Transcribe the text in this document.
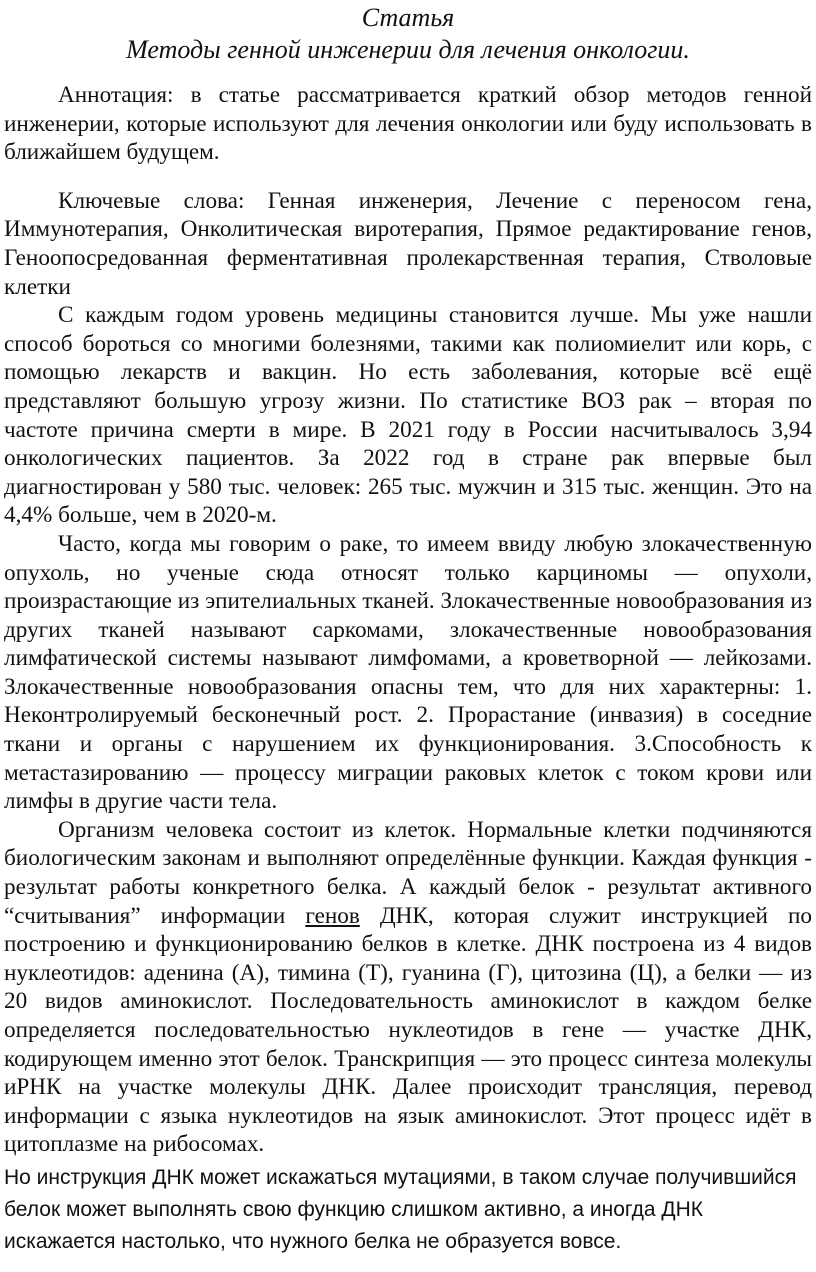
Статья

Методы генной инженерии для лечения онкологии.

Аннотация: в статье рассматривается краткий обзор методов генной инженерии, которые используют для лечения онкологии или буду использовать в ближайшем будущем.

Ключевые слова: Генная инженерия, Лечение с переносом гена, Иммунотерапия, Онколитическая виротерапия, Прямое редактирование генов, Геноопосредованная ферментативная пролекарственная терапия, Стволовые клетки

С каждым годом уровень медицины становится лучше. Мы уже нашли способ бороться со многими болезнями, такими как полиомиелит или корь, с помощью лекарств и вакцин. Но есть заболевания, которые всё ещё представляют большую угрозу жизни. По статистике ВОЗ рак – вторая по частоте причина смерти в мире. В 2021 году в России насчитывалось 3,94 онкологических пациентов. За 2022 год в стране рак впервые был диагностирован у 580 тыс. человек: 265 тыс. мужчин и 315 тыс. женщин. Это на 4,4% больше, чем в 2020-м.

Часто, когда мы говорим о раке, то имеем ввиду любую злокачественную опухоль, но ученые сюда относят только карциномы — опухоли, произрастающие из эпителиальных тканей. Злокачественные новообразования из других тканей называют саркомами, злокачественные новообразования лимфатической системы называют лимфомами, а кроветворной — лейкозами. Злокачественные новообразования опасны тем, что для них характерны: 1. Неконтролируемый бесконечный рост. 2. Прорастание (инвазия) в соседние ткани и органы с нарушением их функционирования. 3.Способность к метастазированию — процессу миграции раковых клеток с током крови или лимфы в другие части тела.

Организм человека состоит из клеток. Нормальные клетки подчиняются биологическим законам и выполняют определённые функции. Каждая функция - результат работы конкретного белка. А каждый белок - результат активного “считывания” информации генов ДНК, которая служит инструкцией по построению и функционированию белков в клетке. ДНК построена из 4 видов нуклеотидов: аденина (А), тимина (Т), гуанина (Г), цитозина (Ц), а белки — из 20 видов аминокислот. Последовательность аминокислот в каждом белке определяется последовательностью нуклеотидов в гене — участке ДНК, кодирующем именно этот белок. Транскрипция — это процесс синтеза молекулы иРНК на участке молекулы ДНК. Далее происходит трансляция, перевод информации с языка нуклеотидов на язык аминокислот. Этот процесс идёт в цитоплазме на рибосомах.

Но инструкция ДНК может искажаться мутациями, в таком случае получившийся белок может выполнять свою функцию слишком активно, а иногда ДНК искажается настолько, что нужного белка не образуется вовсе.
